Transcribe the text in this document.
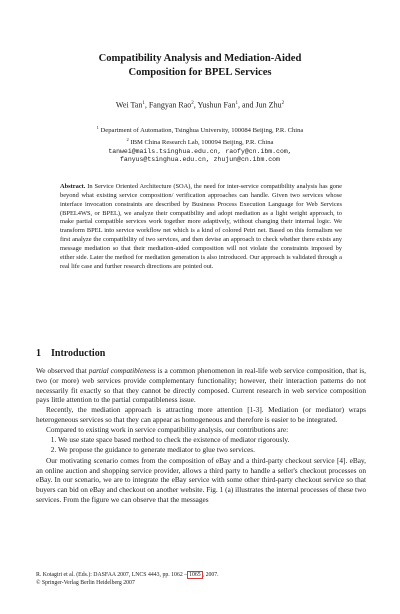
Compatibility Analysis and Mediation-Aided
Composition for BPEL Services
Wei Tan$^1$, Fangyan Rao$^2$, Yushun Fan$^1$, and Jun Zhu$^2$
$^1$ Department of Automation, Tsinghua University, 100084 Beijing, P.R. China
$^2$ IBM China Research Lab, 100094 Beijing, P.R. China
tanwei@mails.tsinghua.edu.cn, raofy@cn.ibm.com,
fanyus@tsinghua.edu.cn, zhujun@cn.ibm.com
Abstract. In Service Oriented Architecture (SOA), the need for inter-service compatibility analysis has gone beyond what existing service composition/ verification approaches can handle. Given two services whose interface invocation constraints are described by Business Process Execution Language for Web Services (BPEL4WS, or BPEL), we analyze their compatibility and adopt mediation as a light weight approach, to make partial compatible services work together more adaptively, without changing their internal logic. We transform BPEL into service workflow net which is a kind of colored Petri net. Based on this formalism we first analyze the compatibility of two services, and then devise an approach to check whether there exists any message mediation so that their mediation-aided composition will not violate the constraints imposed by either side. Later the method for mediation generation is also introduced. Our approach is validated through a real life case and further research directions are pointed out.
1 Introduction

We observed that partial compatibleness is a common phenomenon in real-life web service composition, that is, two (or more) web services provide complementary functionality; however, their interaction patterns do not necessarily fit exactly so that they cannot be directly composed. Current research in web service composition pays little attention to the partial compatibleness issue.

Recently, the mediation approach is attracting more attention [1-3]. Mediation (or mediator) wraps heterogeneous services so that they can appear as homogeneous and therefore is easier to be integrated.

Compared to existing work in service compatibility analysis, our contributions are:

1. We use state space based method to check the existence of mediator rigorously.
2. We propose the guidance to generate mediator to glue two services.

Our motivating scenario comes from the composition of eBay and a third-party checkout service [4]. eBay, an online auction and shopping service provider, allows a third party to handle a seller's checkout processes on eBay. In our scenario, we are to integrate the eBay service with some other third-party checkout service so that buyers can bid on eBay and checkout on another website. Fig. 1 (a) illustrates the internal processes of these two services. From the figure we can observe that the messages

R. Kotagiri et al. (Eds.): DASFAA 2007, LNCS 4443, pp. 1062 – 1065 , 2007.
© Springer-Verlag Berlin Heidelberg 2007
